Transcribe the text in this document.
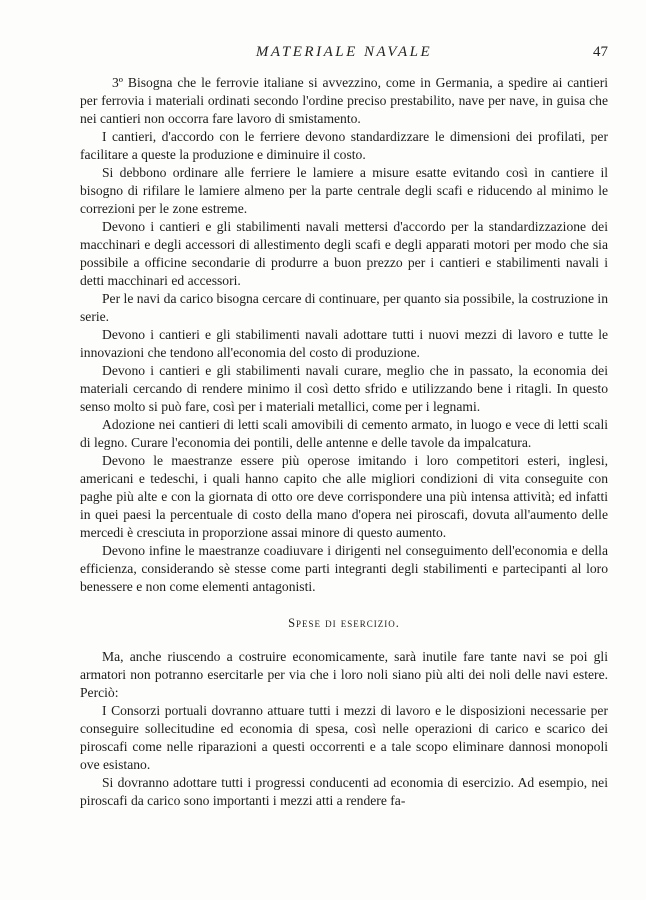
MATERIALE NAVALE	47

3º Bisogna che le ferrovie italiane si avvezzino, come in Germania, a spedire ai cantieri per ferrovia i materiali ordinati secondo l'ordine preciso prestabilito, nave per nave, in guisa che nei cantieri non occorra fare lavoro di smistamento.

I cantieri, d'accordo con le ferriere devono standardizzare le dimensioni dei profilati, per facilitare a queste la produzione e diminuire il costo.

Si debbono ordinare alle ferriere le lamiere a misure esatte evitando così in cantiere il bisogno di rifilare le lamiere almeno per la parte centrale degli scafi e riducendo al minimo le correzioni per le zone estreme.

Devono i cantieri e gli stabilimenti navali mettersi d'accordo per la standardizzazione dei macchinari e degli accessori di allestimento degli scafi e degli apparati motori per modo che sia possibile a officine secondarie di produrre a buon prezzo per i cantieri e stabilimenti navali i detti macchinari ed accessori.

Per le navi da carico bisogna cercare di continuare, per quanto sia possibile, la costruzione in serie.

Devono i cantieri e gli stabilimenti navali adottare tutti i nuovi mezzi di lavoro e tutte le innovazioni che tendono all'economia del costo di produzione.

Devono i cantieri e gli stabilimenti navali curare, meglio che in passato, la economia dei materiali cercando di rendere minimo il così detto sfrido e utilizzando bene i ritagli. In questo senso molto si può fare, così per i materiali metallici, come per i legnami.

Adozione nei cantieri di letti scali amovibili di cemento armato, in luogo e vece di letti scali di legno. Curare l'economia dei pontili, delle antenne e delle tavole da impalcatura.

Devono le maestranze essere più operose imitando i loro competitori esteri, inglesi, americani e tedeschi, i quali hanno capito che alle migliori condizioni di vita conseguite con paghe più alte e con la giornata di otto ore deve corrispondere una più intensa attività; ed infatti in quei paesi la percentuale di costo della mano d'opera nei piroscafi, dovuta all'aumento delle mercedi è cresciuta in proporzione assai minore di questo aumento.

Devono infine le maestranze coadiuvare i dirigenti nel conseguimento dell'economia e della efficienza, considerando sè stesse come parti integranti degli stabilimenti e partecipanti al loro benessere e non come elementi antagonisti.

Spese di esercizio.

Ma, anche riuscendo a costruire economicamente, sarà inutile fare tante navi se poi gli armatori non potranno esercitarle per via che i loro noli siano più alti dei noli delle navi estere. Perciò:

I Consorzi portuali dovranno attuare tutti i mezzi di lavoro e le disposizioni necessarie per conseguire sollecitudine ed economia di spesa, così nelle operazioni di carico e scarico dei piroscafi come nelle riparazioni a questi occorrenti e a tale scopo eliminare dannosi monopoli ove esistano.

Si dovranno adottare tutti i progressi conducenti ad economia di esercizio. Ad esempio, nei piroscafi da carico sono importanti i mezzi atti a rendere fa-
